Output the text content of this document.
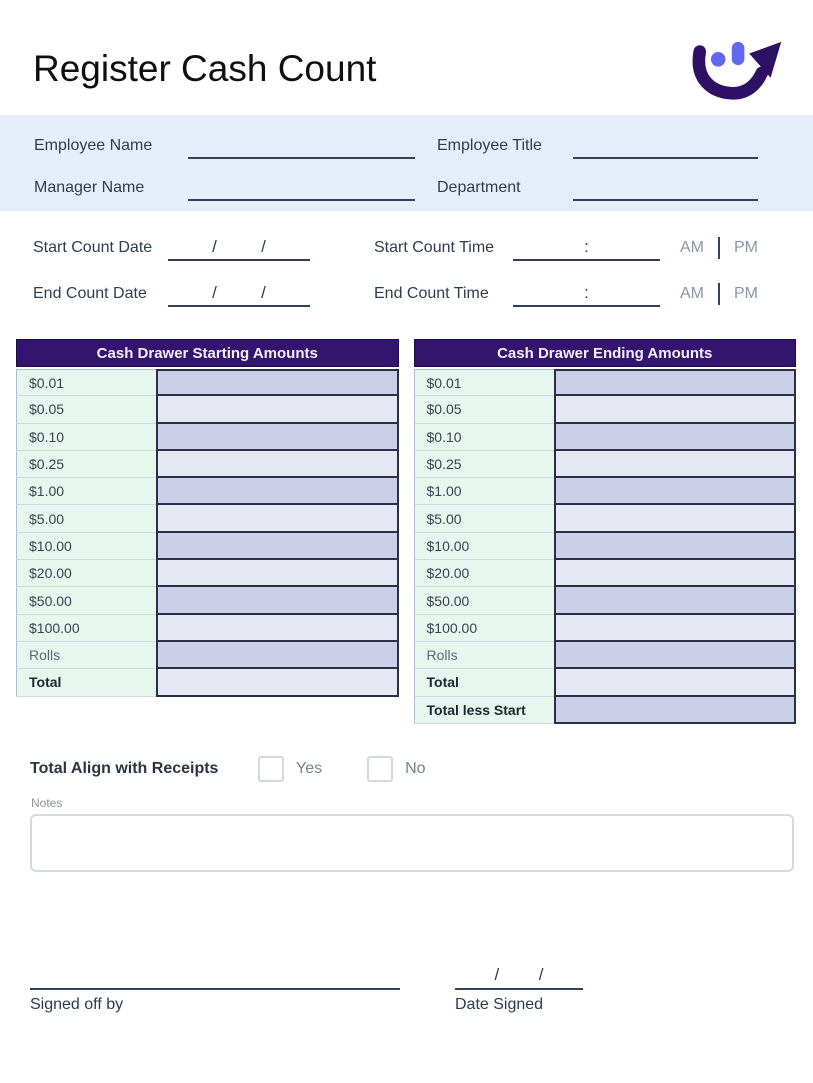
Register Cash Count
Employee Name	Employee Title
Manager Name	Department
Start Count Date	/	/	Start Count Time	:	AM PM
End Count Date	/	/	End Count Time	:	AM PM
Cash Drawer Starting Amounts
$0.01
$0.05
$0.10
$0.25
$1.00
$5.00
$10.00
$20.00
$50.00
$100.00
Rolls
Total
Cash Drawer Ending Amounts
$0.01
$0.05
$0.10
$0.25
$1.00
$5.00
$10.00
$20.00
$50.00
$100.00
Rolls
Total
Total less Start
Total Align with Receipts	Yes	No
Notes
Signed off by
/ /
Date Signed
